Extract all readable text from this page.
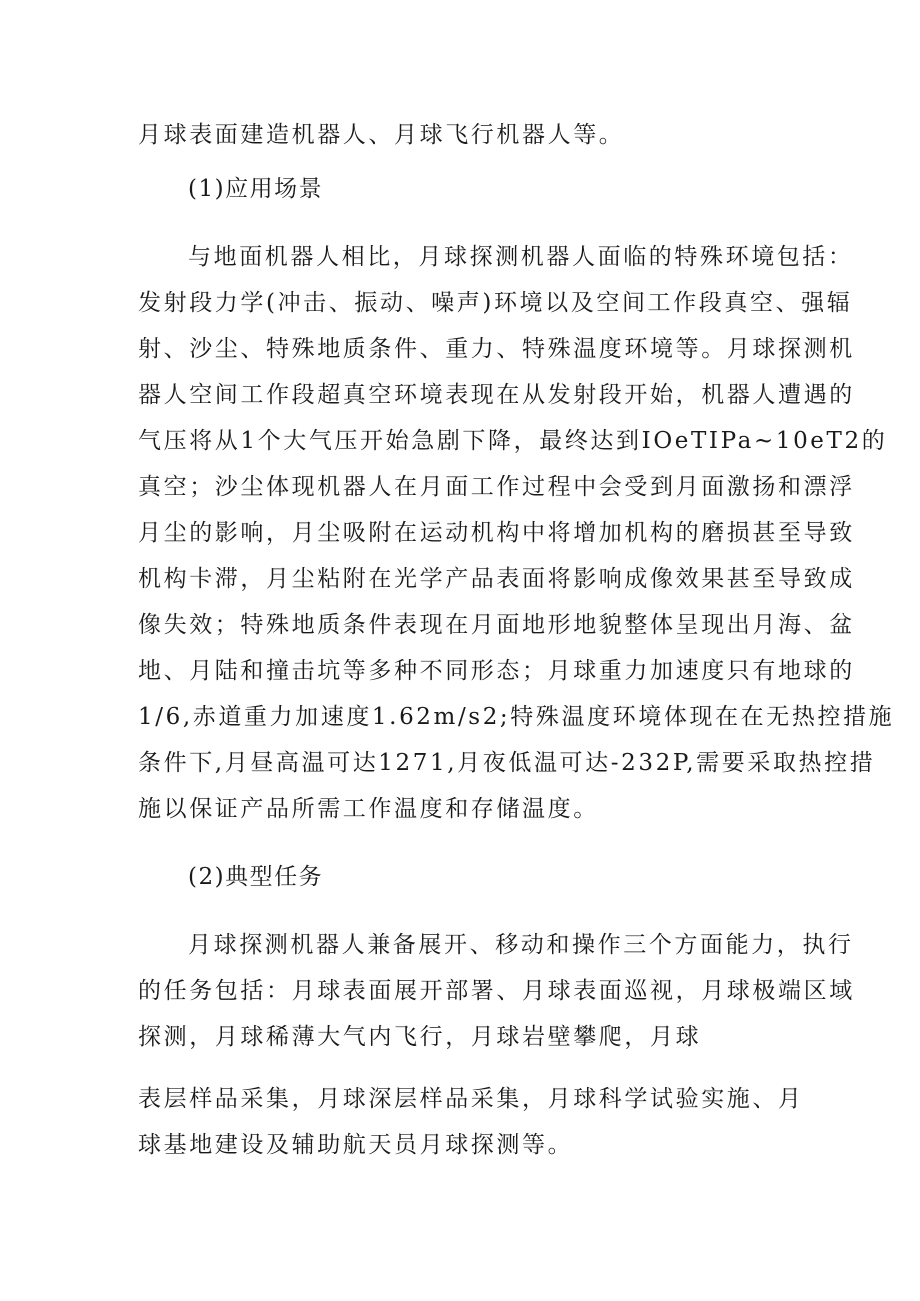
月球表面建造机器人、月球飞行机器人等。
(1)应用场景
与地面机器人相比，月球探测机器人面临的特殊环境包括：
发射段力学(冲击、振动、噪声)环境以及空间工作段真空、强辐
射、沙尘、特殊地质条件、重力、特殊温度环境等。月球探测机
器人空间工作段超真空环境表现在从发射段开始，机器人遭遇的
气压将从1个大气压开始急剧下降，最终达到IOeTIPa~10eT2的
真空；沙尘体现机器人在月面工作过程中会受到月面激扬和漂浮
月尘的影响，月尘吸附在运动机构中将增加机构的磨损甚至导致
机构卡滞，月尘粘附在光学产品表面将影响成像效果甚至导致成
像失效；特殊地质条件表现在月面地形地貌整体呈现出月海、盆
地、月陆和撞击坑等多种不同形态；月球重力加速度只有地球的
1/6,赤道重力加速度1.62m/s2;特殊温度环境体现在在无热控措施
条件下,月昼高温可达1271,月夜低温可达-232P,需要采取热控措
施以保证产品所需工作温度和存储温度。
(2)典型任务
月球探测机器人兼备展开、移动和操作三个方面能力，执行
的任务包括：月球表面展开部署、月球表面巡视，月球极端区域
探测，月球稀薄大气内飞行，月球岩壁攀爬，月球
表层样品采集，月球深层样品采集，月球科学试验实施、月
球基地建设及辅助航天员月球探测等。
